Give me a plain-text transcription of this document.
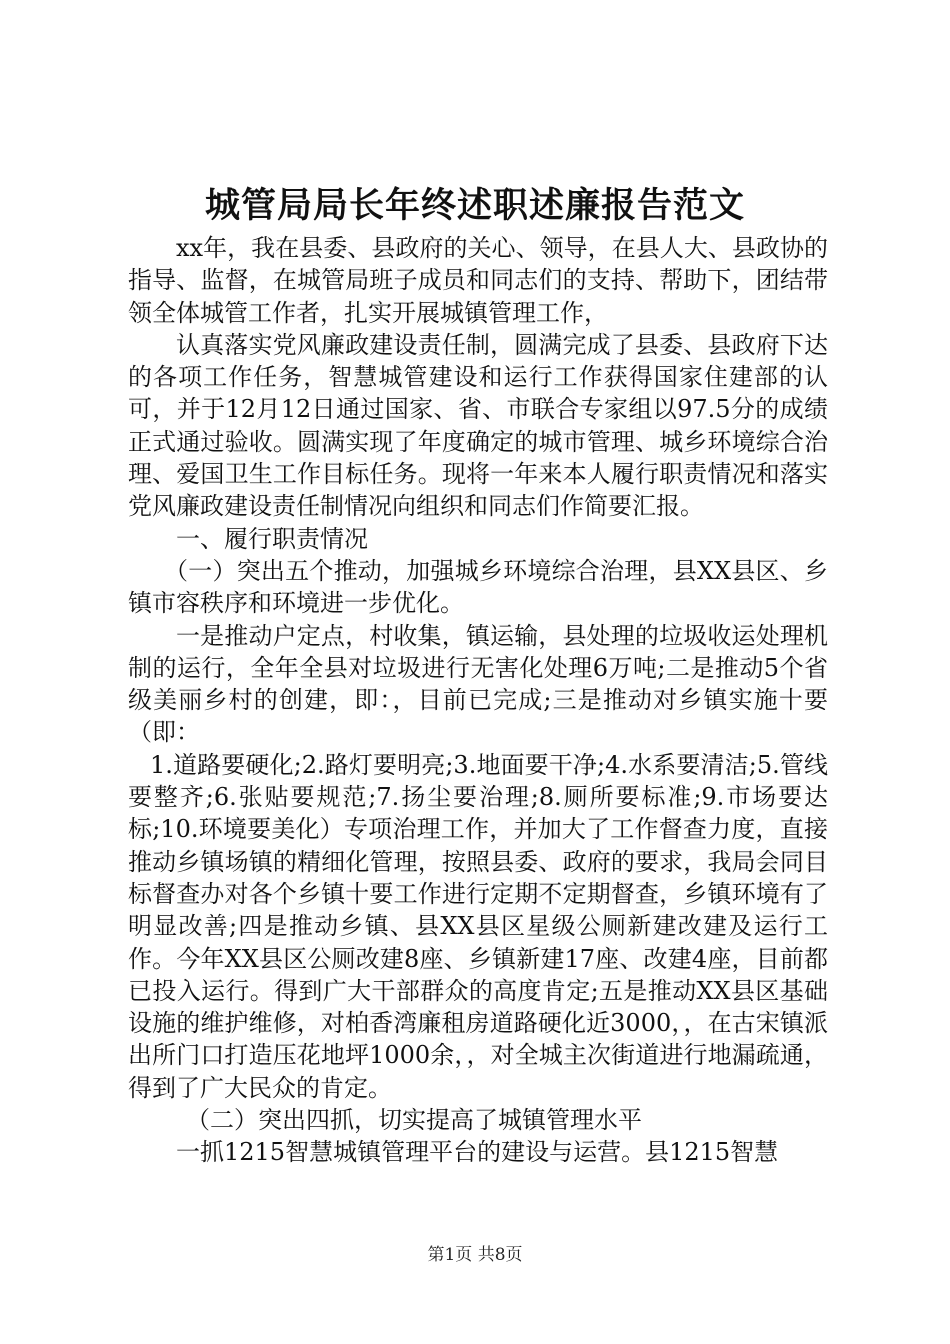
城管局局长年终述职述廉报告范文

xx年，我在县委、县政府的关心、领导，在县人大、县政协的指导、监督，在城管局班子成员和同志们的支持、帮助下，团结带领全体城管工作者，扎实开展城镇管理工作，

认真落实党风廉政建设责任制，圆满完成了县委、县政府下达的各项工作任务，智慧城管建设和运行工作获得国家住建部的认可，并于12月12日通过国家、省、市联合专家组以97.5分的成绩正式通过验收。圆满实现了年度确定的城市管理、城乡环境综合治理、爱国卫生工作目标任务。现将一年来本人履行职责情况和落实党风廉政建设责任制情况向组织和同志们作简要汇报。

一、履行职责情况

（一）突出五个推动，加强城乡环境综合治理，县XX县区、乡镇市容秩序和环境进一步优化。

一是推动户定点，村收集，镇运输，县处理的垃圾收运处理机制的运行，全年全县对垃圾进行无害化处理6万吨;二是推动5个省级美丽乡村的创建，即：，目前已完成;三是推动对乡镇实施十要（即：

1.道路要硬化;2.路灯要明亮;3.地面要干净;4.水系要清洁;5.管线要整齐;6.张贴要规范;7.扬尘要治理;8.厕所要标准;9.市场要达标;10.环境要美化）专项治理工作，并加大了工作督查力度，直接推动乡镇场镇的精细化管理，按照县委、政府的要求，我局会同目标督查办对各个乡镇十要工作进行定期不定期督查，乡镇环境有了明显改善;四是推动乡镇、县XX县区星级公厕新建改建及运行工作。今年XX县区公厕改建8座、乡镇新建17座、改建4座，目前都已投入运行。得到广大干部群众的高度肯定;五是推动XX县区基础设施的维护维修，对柏香湾廉租房道路硬化近3000，，在古宋镇派出所门口打造压花地坪1000余，，对全城主次街道进行地漏疏通，得到了广大民众的肯定。

（二）突出四抓，切实提高了城镇管理水平

一抓1215智慧城镇管理平台的建设与运营。县1215智慧

第1页 共8页
